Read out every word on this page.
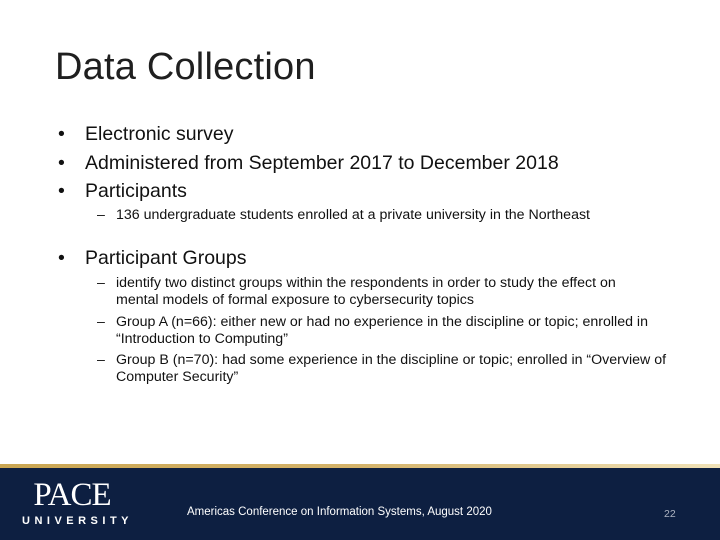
Data Collection
• Electronic survey
• Administered from September 2017 to December 2018
• Participants
– 136 undergraduate students enrolled at a private university in the Northeast
• Participant Groups
– identify two distinct groups within the respondents in order to study the effect on mental models of formal exposure to cybersecurity topics
– Group A (n=66): either new or had no experience in the discipline or topic; enrolled in “Introduction to Computing”
– Group B (n=70): had some experience in the discipline or topic; enrolled in “Overview of Computer Security”
PACE
UNIVERSITY
Americas Conference on Information Systems, August 2020	22
